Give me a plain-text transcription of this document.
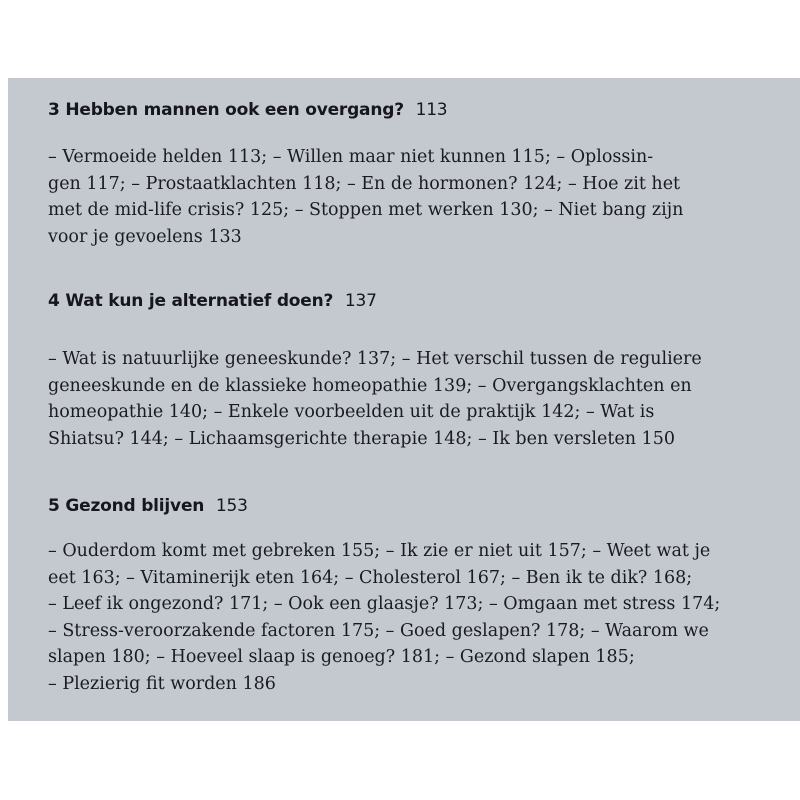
3 Hebben mannen ook een overgang? 113
– Vermoeide helden 113; – Willen maar niet kunnen 115; – Oplossin-
gen 117; – Prostaatklachten 118; – En de hormonen? 124; – Hoe zit het
met de mid-life crisis? 125; – Stoppen met werken 130; – Niet bang zijn
voor je gevoelens 133
4 Wat kun je alternatief doen? 137
– Wat is natuurlijke geneeskunde? 137; – Het verschil tussen de reguliere
geneeskunde en de klassieke homeopathie 139; – Overgangsklachten en
homeopathie 140; – Enkele voorbeelden uit de praktijk 142; – Wat is
Shiatsu? 144; – Lichaamsgerichte therapie 148; – Ik ben versleten 150
5 Gezond blijven 153
– Ouderdom komt met gebreken 155; – Ik zie er niet uit 157; – Weet wat je
eet 163; – Vitaminerijk eten 164; – Cholesterol 167; – Ben ik te dik? 168;
– Leef ik ongezond? 171; – Ook een glaasje? 173; – Omgaan met stress 174;
– Stress-veroorzakende factoren 175; – Goed geslapen? 178; – Waarom we
slapen 180; – Hoeveel slaap is genoeg? 181; – Gezond slapen 185;
– Plezierig fit worden 186
